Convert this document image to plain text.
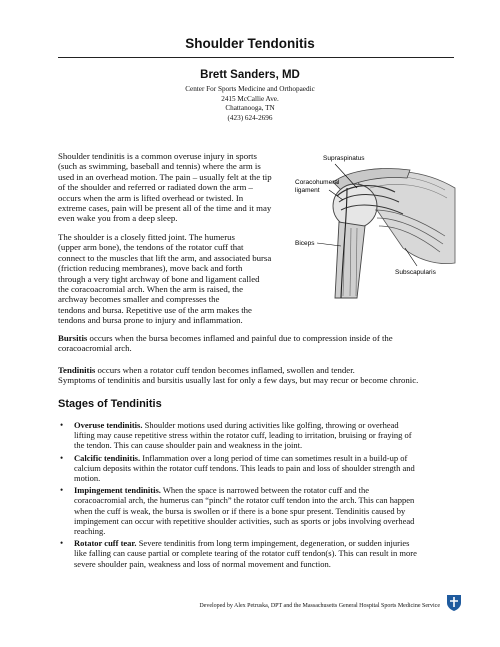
Shoulder Tendonitis
Brett Sanders, MD
Center For Sports Medicine and Orthopaedic
2415 McCallie Ave.
Chattanooga, TN
(423) 624-2696
Shoulder tendinitis is a common overuse injury in sports
(such as swimming, baseball and tennis) where the arm is
used in an overhead motion. The pain – usually felt at the tip
of the shoulder and referred or radiated down the arm –
occurs when the arm is lifted overhead or twisted. In
extreme cases, pain will be present all of the time and it may
even wake you from a deep sleep.
The shoulder is a closely fitted joint. The humerus
(upper arm bone), the tendons of the rotator cuff that
connect to the muscles that lift the arm, and associated bursa
(friction reducing membranes), move back and forth
through a very tight archway of bone and ligament called
the coracoacromial arch. When the arm is raised, the
archway becomes smaller and compresses the
tendons and bursa. Repetitive use of the arm makes the
tendons and bursa prone to injury and inflammation.
Supraspinatus
Coracohumeral
ligament
Biceps
Subscapularis
Bursitis occurs when the bursa becomes inflamed and painful due to compression inside of the
coracoacromial arch.
Tendinitis occurs when a rotator cuff tendon becomes inflamed, swollen and tender.
Symptoms of tendinitis and bursitis usually last for only a few days, but may recur or become chronic.
Stages of Tendinitis
• Overuse tendinitis. Shoulder motions used during activities like golfing, throwing or overhead
lifting may cause repetitive stress within the rotator cuff, leading to irritation, bruising or fraying of
the tendon. This can cause shoulder pain and weakness in the joint.
• Calcific tendinitis. Inflammation over a long period of time can sometimes result in a build-up of
calcium deposits within the rotator cuff tendons. This leads to pain and loss of shoulder strength and
motion.
• Impingement tendinitis. When the space is narrowed between the rotator cuff and the
coracoacromial arch, the humerus can “pinch” the rotator cuff tendon into the arch. This can happen
when the cuff is weak, the bursa is swollen or if there is a bone spur present. Tendinitis caused by
impingement can occur with repetitive shoulder activities, such as sports or jobs involving overhead
reaching.
• Rotator cuff tear. Severe tendinitis from long term impingement, degeneration, or sudden injuries
like falling can cause partial or complete tearing of the rotator cuff tendon(s). This can result in more
severe shoulder pain, weakness and loss of normal movement and function.
Developed by Alex Petruska, DPT and the Massachusetts General Hospital Sports Medicine Service
